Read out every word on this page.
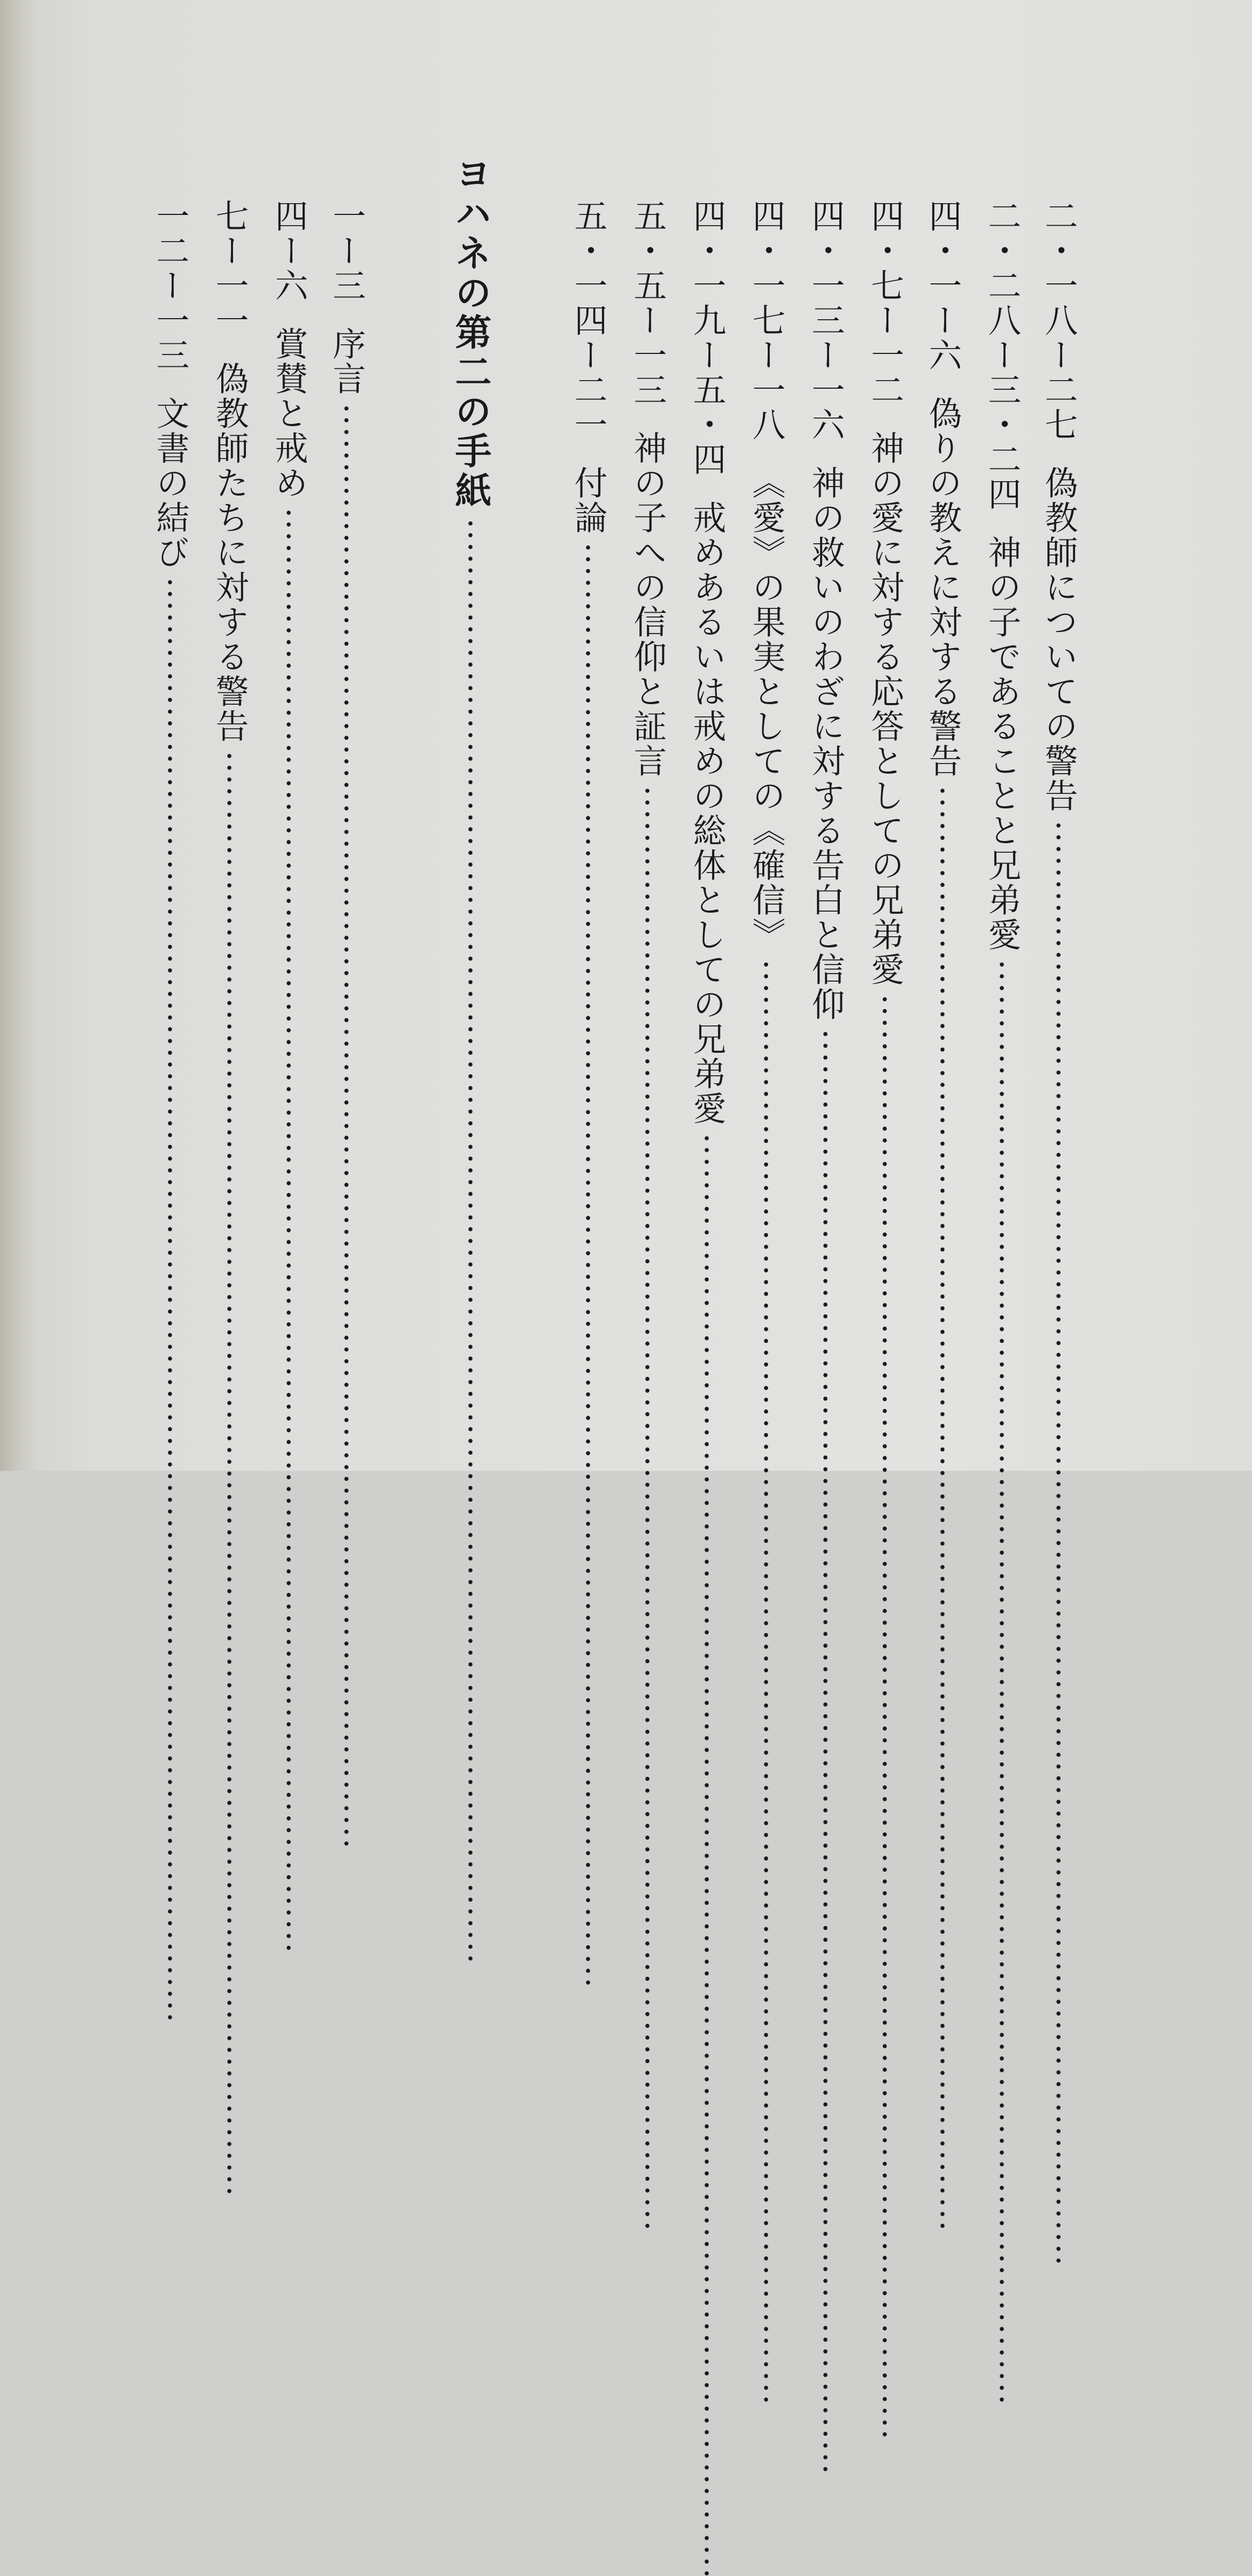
二・一八ー二七偽教師についての警告
二・二八ー三・二四神の子であることと兄弟愛
四・一ー六偽りの教えに対する警告
四・七ー一二神の愛に対する応答としての兄弟愛
四・一三ー一六神の救いのわざに対する告白と信仰
四・一七ー一八《愛》の果実としての《確信》
四・一九ー五・四戒めあるいは戒めの総体としての兄弟愛
五・五ー一三神の子への信仰と証言
五・一四ー二一付論
ヨハネの第二の手紙
一ー三序言
四ー六賞賛と戒め
七ー一一偽教師たちに対する警告
一二ー一三文書の結び
